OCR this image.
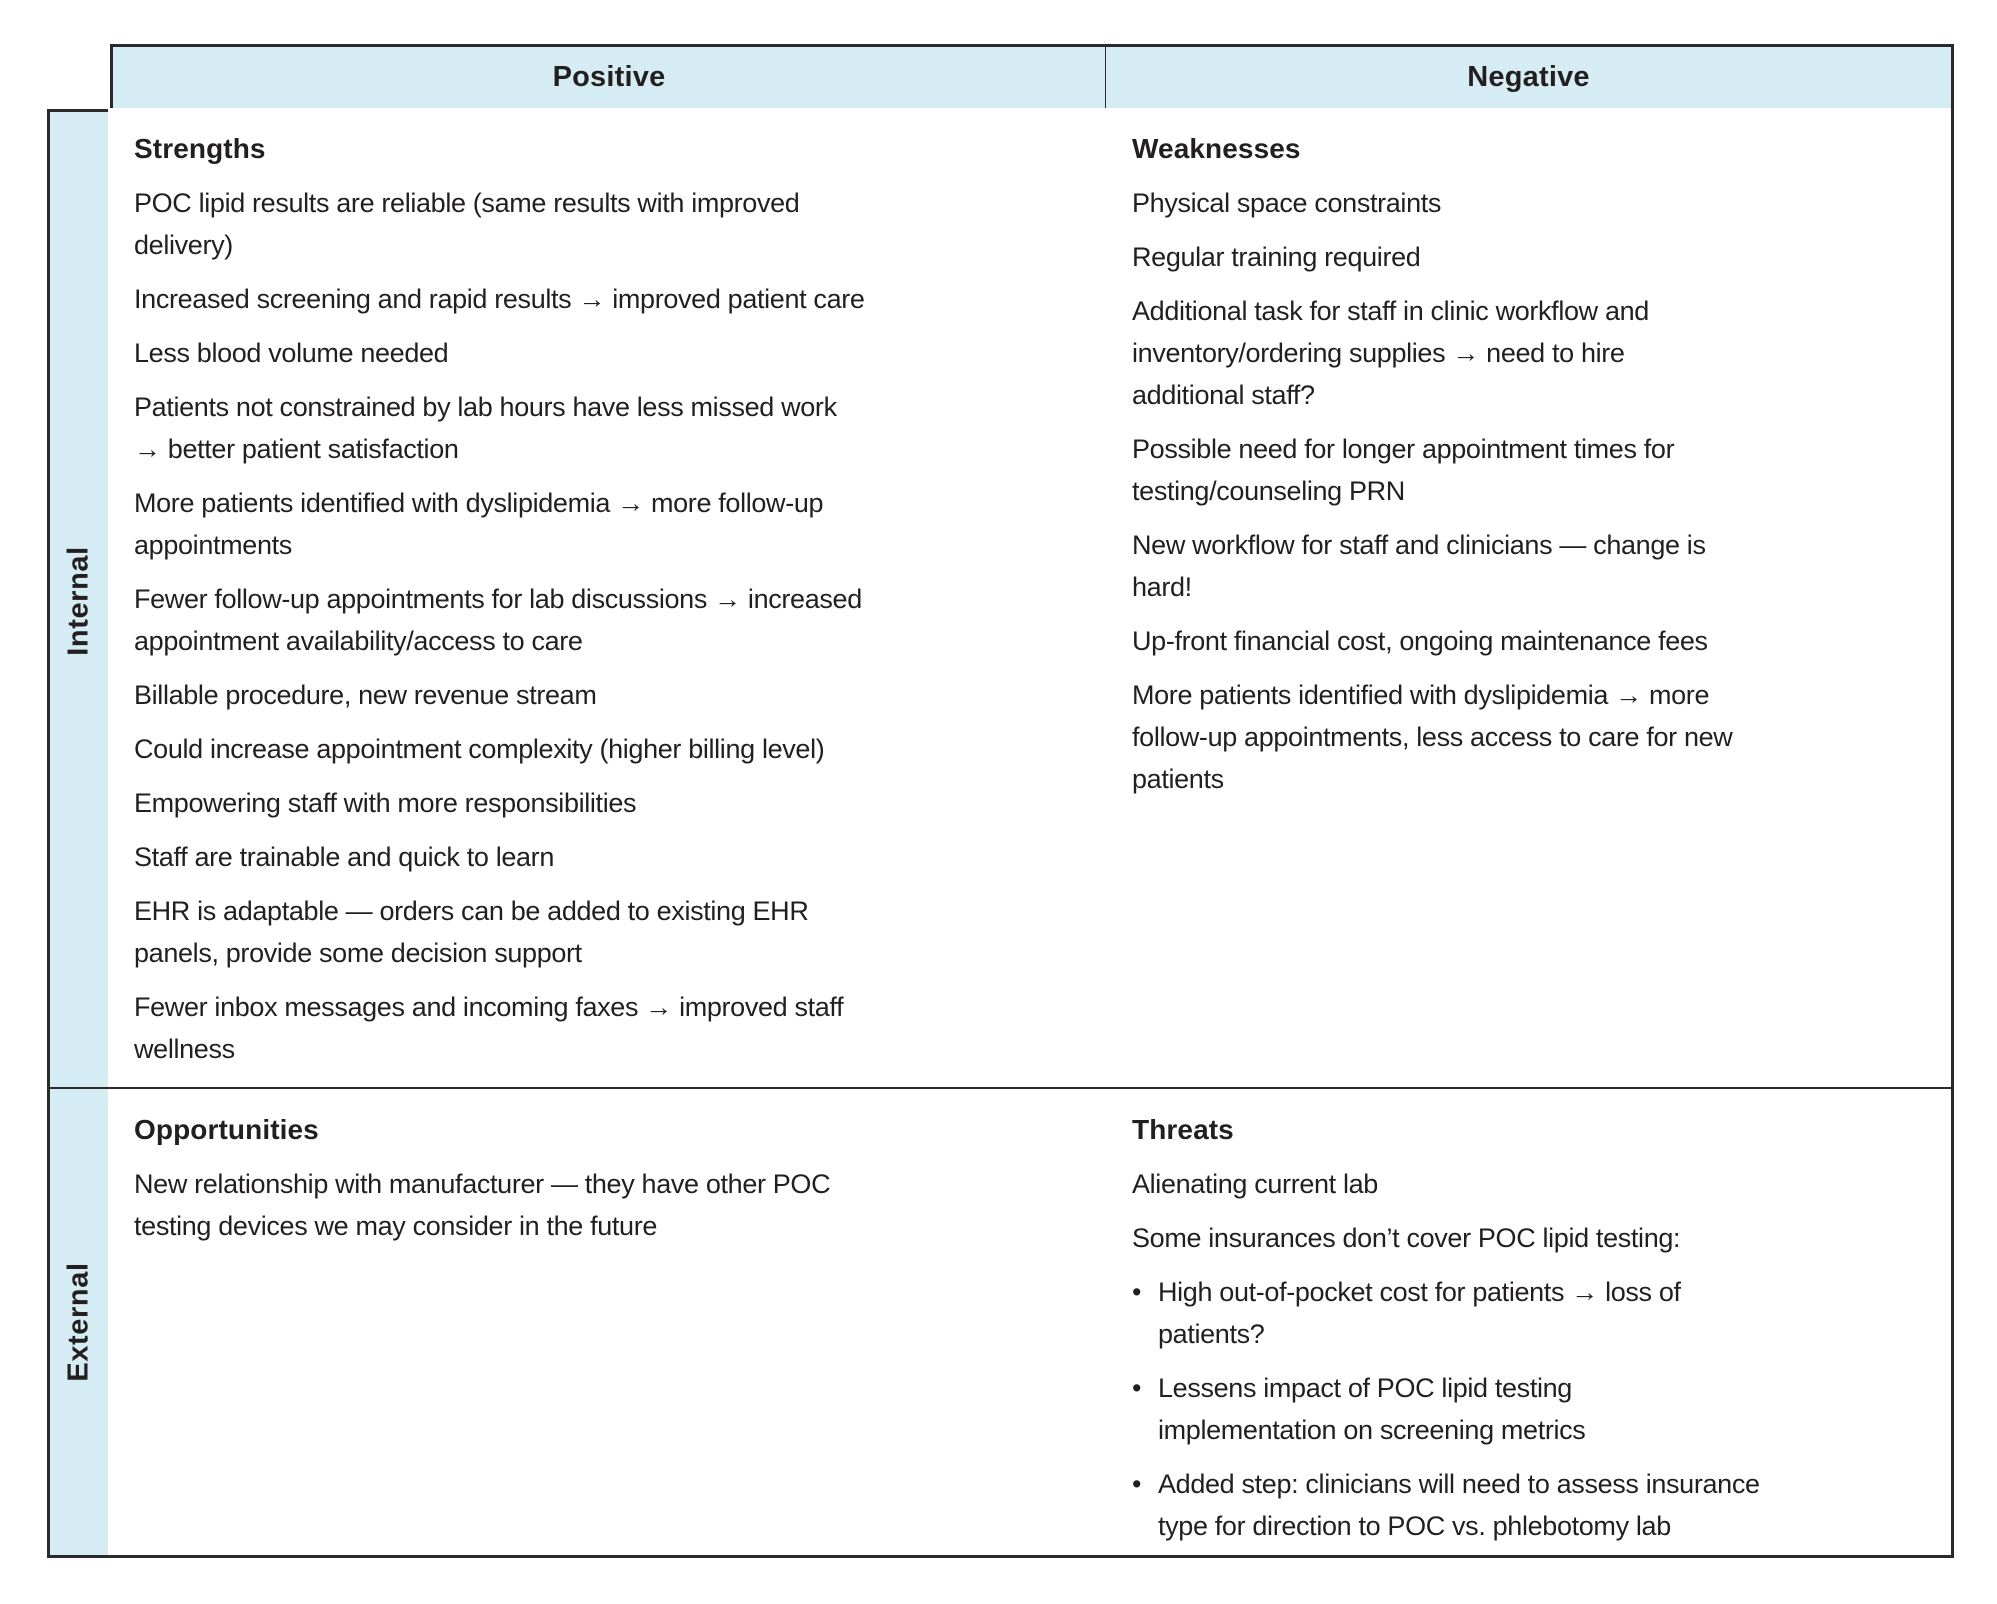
Positive	Negative
Internal
External
Strengths
POC lipid results are reliable (same results with improved
delivery)
Increased screening and rapid results → improved patient care
Less blood volume needed
Patients not constrained by lab hours have less missed work
→ better patient satisfaction
More patients identified with dyslipidemia → more follow-up
appointments
Fewer follow-up appointments for lab discussions → increased
appointment availability/access to care
Billable procedure, new revenue stream
Could increase appointment complexity (higher billing level)
Empowering staff with more responsibilities
Staff are trainable and quick to learn
EHR is adaptable — orders can be added to existing EHR
panels, provide some decision support
Fewer inbox messages and incoming faxes → improved staff
wellness
Weaknesses
Physical space constraints
Regular training required
Additional task for staff in clinic workflow and
inventory/ordering supplies → need to hire
additional staff?
Possible need for longer appointment times for
testing/counseling PRN
New workflow for staff and clinicians — change is
hard!
Up-front financial cost, ongoing maintenance fees
More patients identified with dyslipidemia → more
follow-up appointments, less access to care for new
patients
Opportunities
New relationship with manufacturer — they have other POC
testing devices we may consider in the future
Threats
Alienating current lab
Some insurances don’t cover POC lipid testing:
• High out-of-pocket cost for patients → loss of
patients?
• Lessens impact of POC lipid testing
implementation on screening metrics
• Added step: clinicians will need to assess insurance
type for direction to POC vs. phlebotomy lab
